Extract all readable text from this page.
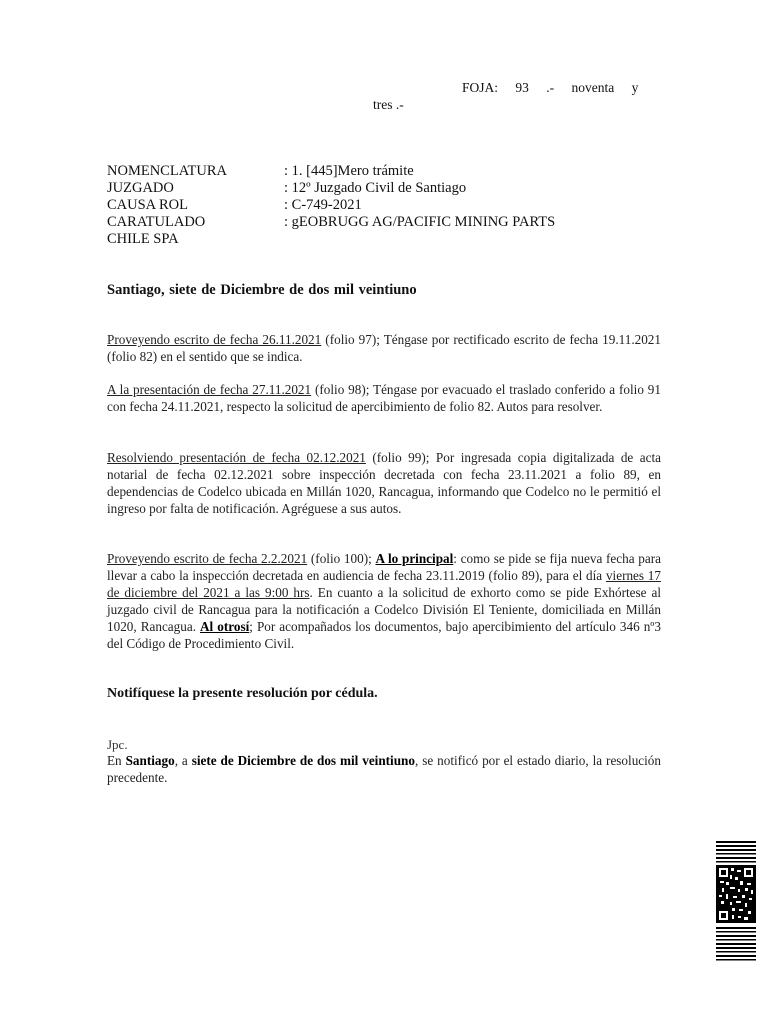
FOJA: 93 .- noventa y
tres .-
NOMENCLATURA	: 1. [445]Mero trámite
JUZGADO	: 12º Juzgado Civil de Santiago
CAUSA ROL	: C-749-2021
CARATULADO	: gEOBRUGG AG/PACIFIC MINING PARTS
CHILE SPA
Santiago, siete de Diciembre de dos mil veintiuno
Proveyendo escrito de fecha 26.11.2021 (folio 97); Téngase por rectificado escrito de fecha 19.11.2021 (folio 82) en el sentido que se indica.
A la presentación de fecha 27.11.2021 (folio 98); Téngase por evacuado el traslado conferido a folio 91 con fecha 24.11.2021, respecto la solicitud de apercibimiento de folio 82. Autos para resolver.
Resolviendo presentación de fecha 02.12.2021 (folio 99); Por ingresada copia digitalizada de acta notarial de fecha 02.12.2021 sobre inspección decretada con fecha 23.11.2021 a folio 89, en dependencias de Codelco ubicada en Millán 1020, Rancagua, informando que Codelco no le permitió el ingreso por falta de notificación. Agréguese a sus autos.
Proveyendo escrito de fecha 2.2.2021 (folio 100); A lo principal: como se pide se fija nueva fecha para llevar a cabo la inspección decretada en audiencia de fecha 23.11.2019 (folio 89), para el día viernes 17 de diciembre del 2021 a las 9:00 hrs. En cuanto a la solicitud de exhorto como se pide Exhórtese al juzgado civil de Rancagua para la notificación a Codelco División El Teniente, domiciliada en Millán 1020, Rancagua. Al otrosí; Por acompañados los documentos, bajo apercibimiento del artículo 346 nº3 del Código de Procedimiento Civil.
Notifíquese la presente resolución por cédula.
Jpc.
En Santiago, a siete de Diciembre de dos mil veintiuno, se notificó por el estado diario, la resolución precedente.
